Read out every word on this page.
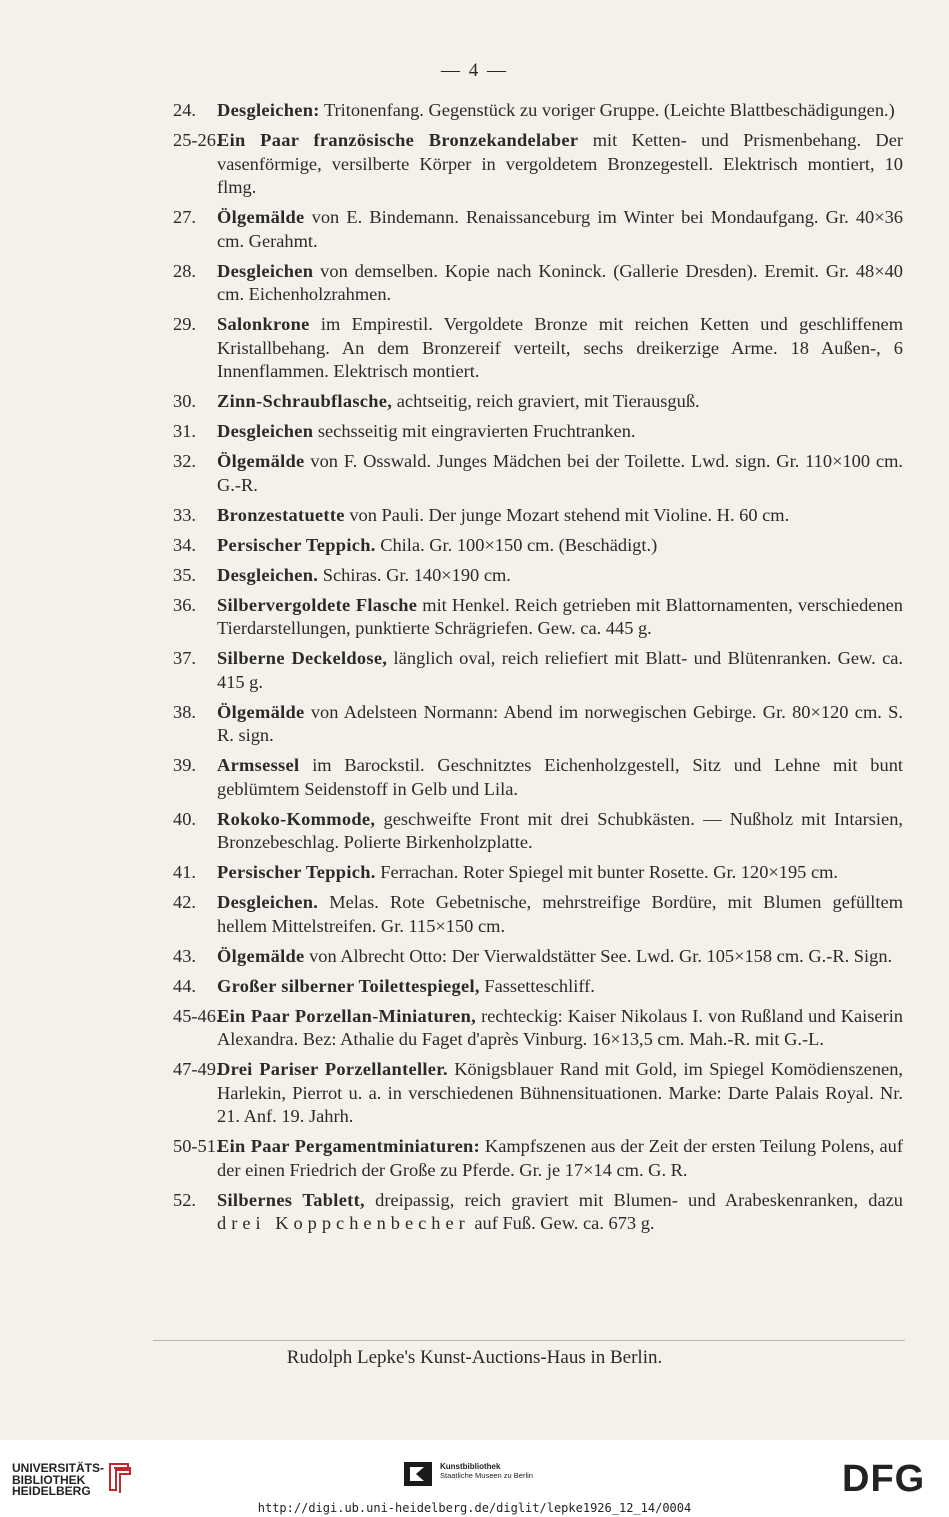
— 4 —
24. Desgleichen: Tritonenfang. Gegenstück zu voriger Gruppe. (Leichte Blattbeschädigungen.)
25-26.
Ein Paar französische Bronzekandelaber mit Ketten- und Prismenbehang. Der vasenförmige, versilberte Körper in vergoldetem Bronzegestell. Elektrisch montiert, 10 flmg.
27. Ölgemälde von E. Bindemann. Renaissanceburg im Winter bei Mondaufgang. Gr. 40×36 cm. Gerahmt.
28. Desgleichen von demselben. Kopie nach Koninck. (Gallerie Dresden). Eremit. Gr. 48×40 cm. Eichenholzrahmen.
29. Salonkrone im Empirestil. Vergoldete Bronze mit reichen Ketten und geschliffenem Kristallbehang. An dem Bronzereif verteilt, sechs dreikerzige Arme. 18 Außen-, 6 Innenflammen. Elektrisch montiert.
30. Zinn-Schraubflasche, achtseitig, reich graviert, mit Tierausguß.
31. Desgleichen sechsseitig mit eingravierten Fruchtranken.
32. Ölgemälde von F. Osswald. Junges Mädchen bei der Toilette. Lwd. sign. Gr. 110×100 cm. G.-R.
33. Bronzestatuette von Pauli. Der junge Mozart stehend mit Violine. H. 60 cm.
34. Persischer Teppich. Chila. Gr. 100×150 cm. (Beschädigt.)
35. Desgleichen. Schiras. Gr. 140×190 cm.
36. Silbervergoldete Flasche mit Henkel. Reich getrieben mit Blattornamenten, verschiedenen Tierdarstellungen, punktierte Schrägriefen. Gew. ca. 445 g.
37. Silberne Deckeldose, länglich oval, reich reliefiert mit Blatt- und Blütenranken. Gew. ca. 415 g.
38. Ölgemälde von Adelsteen Normann: Abend im norwegischen Gebirge. Gr. 80×120 cm. S. R. sign.
39. Armsessel im Barockstil. Geschnitztes Eichenholzgestell, Sitz und Lehne mit bunt geblümtem Seidenstoff in Gelb und Lila.
40. Rokoko-Kommode, geschweifte Front mit drei Schubkästen. — Nußholz mit Intarsien, Bronzebeschlag. Polierte Birkenholzplatte.
41. Persischer Teppich. Ferrachan. Roter Spiegel mit bunter Rosette. Gr. 120×195 cm.
42. Desgleichen. Melas. Rote Gebetnische, mehrstreifige Bordüre, mit Blumen gefülltem hellem Mittelstreifen. Gr. 115×150 cm.
43. Ölgemälde von Albrecht Otto: Der Vierwaldstätter See. Lwd. Gr. 105×158 cm. G.-R. Sign.
44. Großer silberner Toilettespiegel, Fassetteschliff.
45-46.
Ein Paar Porzellan-Miniaturen, rechteckig: Kaiser Nikolaus I. von Rußland und Kaiserin Alexandra. Bez: Athalie du Faget d'après Vinburg. 16×13,5 cm. Mah.-R. mit G.-L.
47-49.
Drei Pariser Porzellanteller. Königsblauer Rand mit Gold, im Spiegel Komödienszenen, Harlekin, Pierrot u. a. in verschiedenen Bühnensituationen. Marke: Darte Palais Royal. Nr. 21. Anf. 19. Jahrh.
50-51.
Ein Paar Pergamentminiaturen: Kampfszenen aus der Zeit der ersten Teilung Polens, auf der einen Friedrich der Große zu Pferde. Gr. je 17×14 cm. G. R.
52. Silbernes Tablett, dreipassig, reich graviert mit Blumen- und Arabeskenranken, dazu drei Koppchenbecher auf Fuß. Gew. ca. 673 g.
Rudolph Lepke's Kunst-Auctions-Haus in Berlin.
UNIVERSITÄTS-
BIBLIOTHEK
HEIDELBERG
Kunstbibliothek
Staatliche Museen zu Berlin	DFG
http://digi.ub.uni-heidelberg.de/diglit/lepke1926_12_14/0004
